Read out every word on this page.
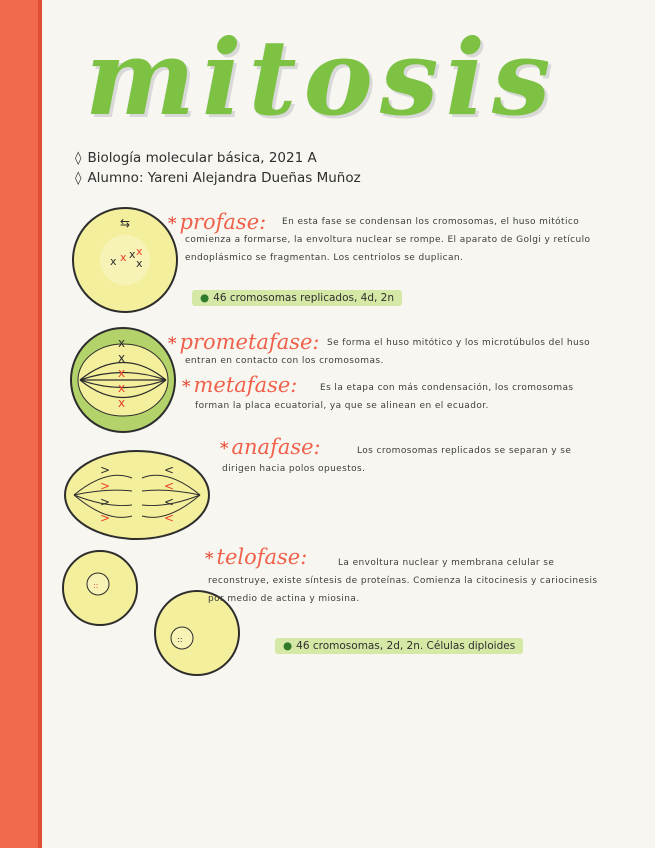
mitosis
◊ Biología molecular básica, 2021 A
◊ Alumno: Yareni Alejandra Dueñas Muñoz
⇆
x x x x
x
x
x
x
x
x
>
>
>
>
<
<
<
<
::
::
* profase:	En esta fase se condensan los cromosomas, el huso mitótico comienza a formarse, la envoltura nuclear se rompe. El aparato de Golgi y retículo endoplásmico se fragmentan. Los centriolos se duplican.
● 46 cromosomas replicados, 4d, 2n
* prometafase: Se forma el huso mitótico y los microtúbulos del huso entran en contacto con los cromosomas.
* metafase:	Es la etapa con más condensación, los cromosomas forman la placa ecuatorial, ya que se alinean en el ecuador.
* anafase:	Los cromosomas replicados se separan y se dirigen hacia polos opuestos.
* telofase:	La envoltura nuclear y membrana celular se reconstruye, existe síntesis de proteínas. Comienza la citocinesis y cariocinesis por medio de actina y miosina.
● 46 cromosomas, 2d, 2n. Células diploides
